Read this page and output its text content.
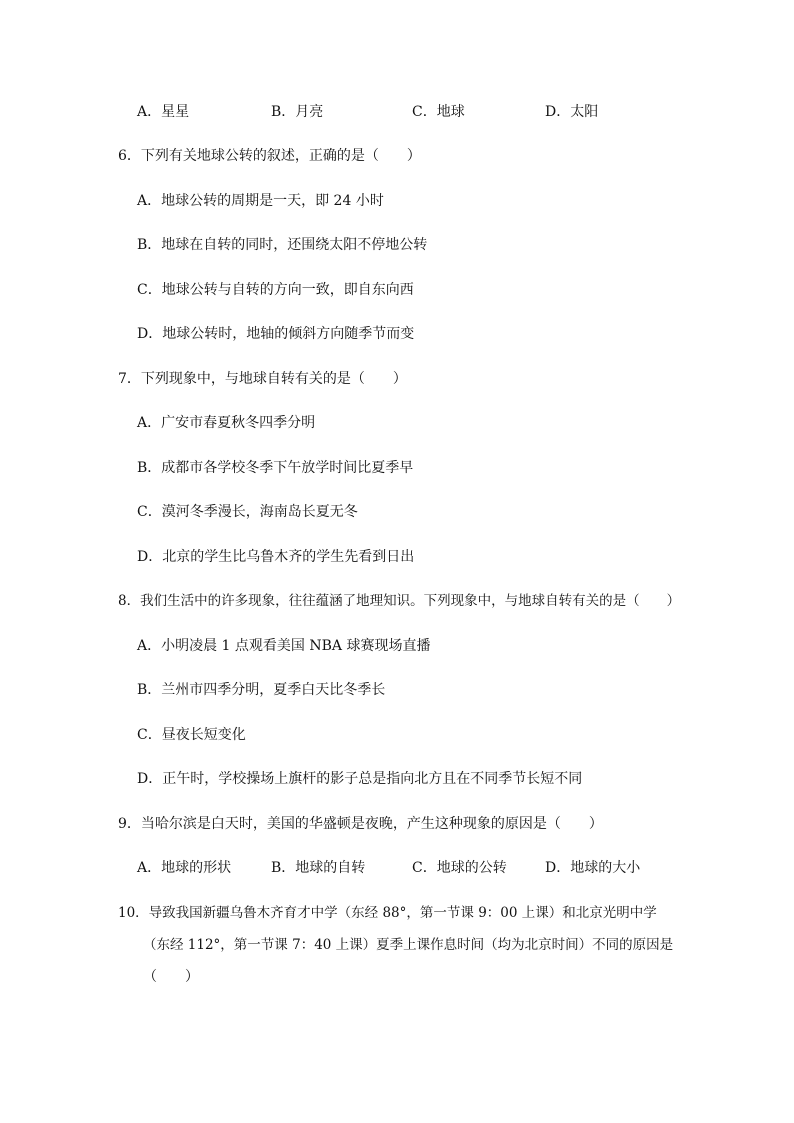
A．星星	B．月亮	C．地球	D．太阳
6．下列有关地球公转的叙述，正确的是（　　）
A．地球公转的周期是一天，即 24 小时
B．地球在自转的同时，还围绕太阳不停地公转
C．地球公转与自转的方向一致，即自东向西
D．地球公转时，地轴的倾斜方向随季节而变
7．下列现象中，与地球自转有关的是（　　）
A．广安市春夏秋冬四季分明
B．成都市各学校冬季下午放学时间比夏季早
C．漠河冬季漫长，海南岛长夏无冬
D．北京的学生比乌鲁木齐的学生先看到日出
8．我们生活中的许多现象，往往蕴涵了地理知识。下列现象中，与地球自转有关的是（　　）
A．小明凌晨 1 点观看美国 NBA 球赛现场直播
B．兰州市四季分明，夏季白天比冬季长
C．昼夜长短变化
D．正午时，学校操场上旗杆的影子总是指向北方且在不同季节长短不同
9．当哈尔滨是白天时，美国的华盛顿是夜晚，产生这种现象的原因是（　　）
A．地球的形状	B．地球的自转	C．地球的公转	D．地球的大小
10．导致我国新疆乌鲁木齐育才中学（东经 88°，第一节课 9：00 上课）和北京光明中学
（东经 112°，第一节课 7：40 上课）夏季上课作息时间（均为北京时间）不同的原因是
（　　）
